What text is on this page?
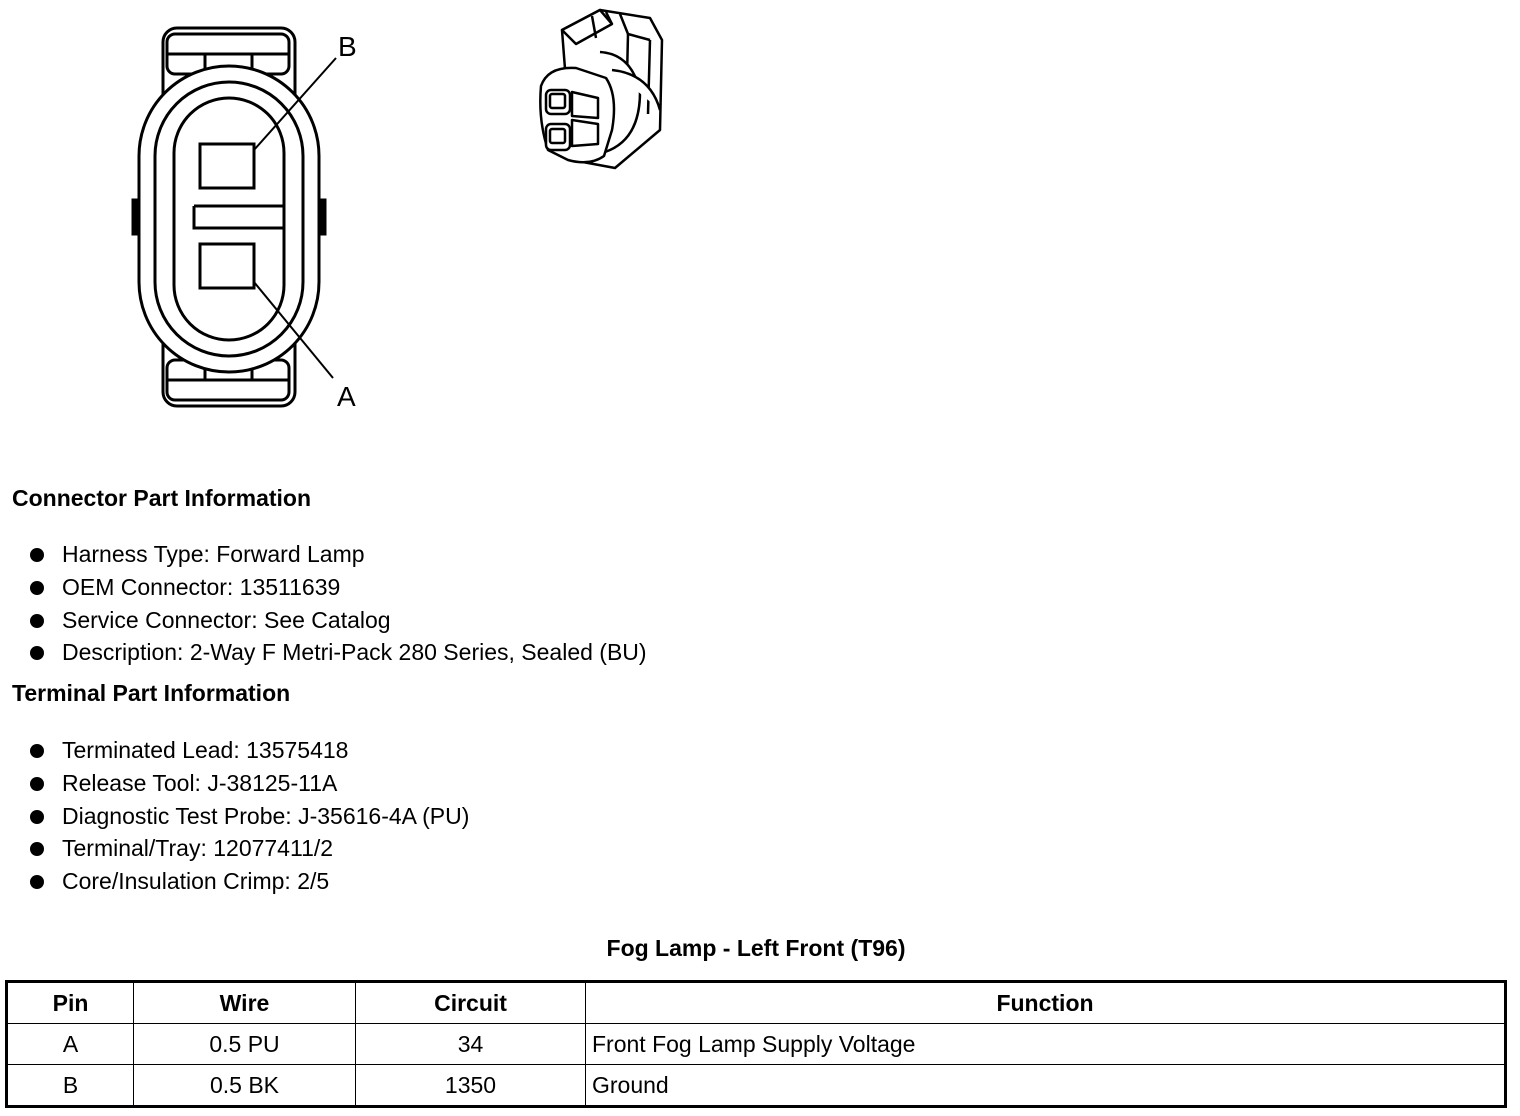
B
A
Connector Part Information
Harness Type: Forward Lamp
OEM Connector: 13511639
Service Connector: See Catalog
Description: 2-Way F Metri-Pack 280 Series, Sealed (BU)
Terminal Part Information
Terminated Lead: 13575418
Release Tool: J-38125-11A
Diagnostic Test Probe: J-35616-4A (PU)
Terminal/Tray: 12077411/2
Core/Insulation Crimp: 2/5
Fog Lamp - Left Front (T96)
Pin	Wire	Circuit	Function
A	0.5 PU	34	Front Fog Lamp Supply Voltage
B	0.5 BK	1350	Ground
